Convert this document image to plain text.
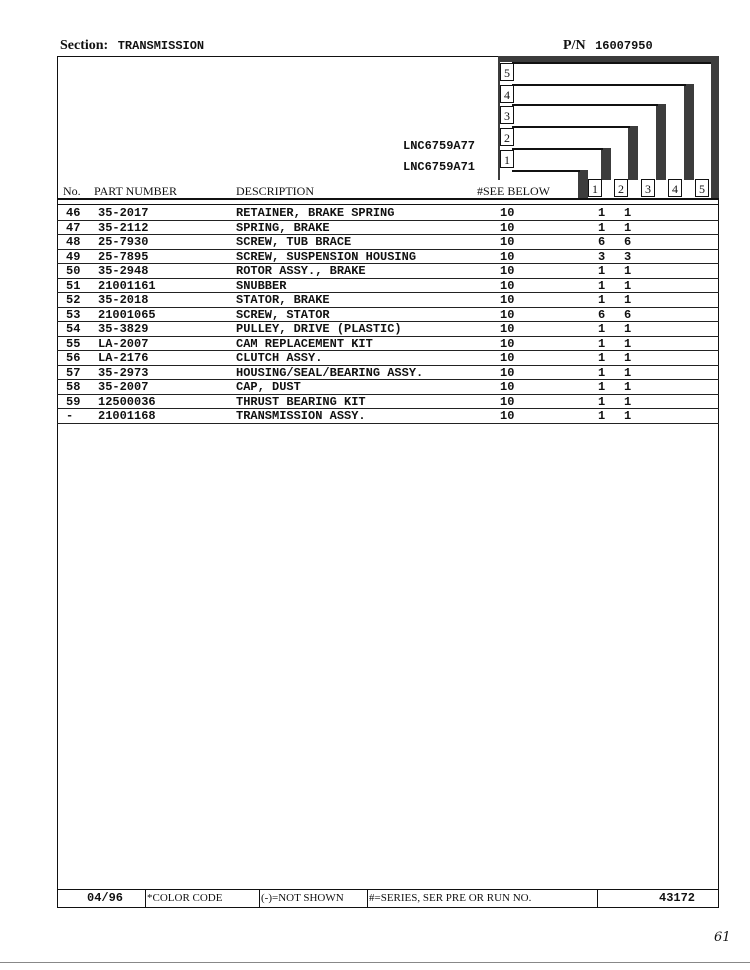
Section: TRANSMISSION	P/N 16007950
5
4
3
2
1
LNC6759A77
LNC6759A71
1	2	3	4	5
No. PART NUMBER	DESCRIPTION	#SEE BELOW
46 35-2017	RETAINER, BRAKE SPRING	10	1 1
47 35-2112	SPRING, BRAKE	10	1 1
48 25-7930	SCREW, TUB BRACE	10	6 6
49 25-7895	SCREW, SUSPENSION HOUSING	10	3 3
50 35-2948	ROTOR ASSY., BRAKE	10	1 1
51 21001161	SNUBBER	10	1 1
52 35-2018	STATOR, BRAKE	10	1 1
53 21001065	SCREW, STATOR	10	6 6
54 35-3829	PULLEY, DRIVE (PLASTIC)	10	1 1
55 LA-2007	CAM REPLACEMENT KIT	10	1 1
56 LA-2176	CLUTCH ASSY.	10	1 1
57 35-2973	HOUSING/SEAL/BEARING ASSY.	10	1 1
58 35-2007	CAP, DUST	10	1 1
59 12500036	THRUST BEARING KIT	10	1 1
- 21001168	TRANSMISSION ASSY.	10	1 1
04/96 *COLOR CODE	(-)=NOT SHOWN #=SERIES, SER PRE OR RUN NO.	43172
61
